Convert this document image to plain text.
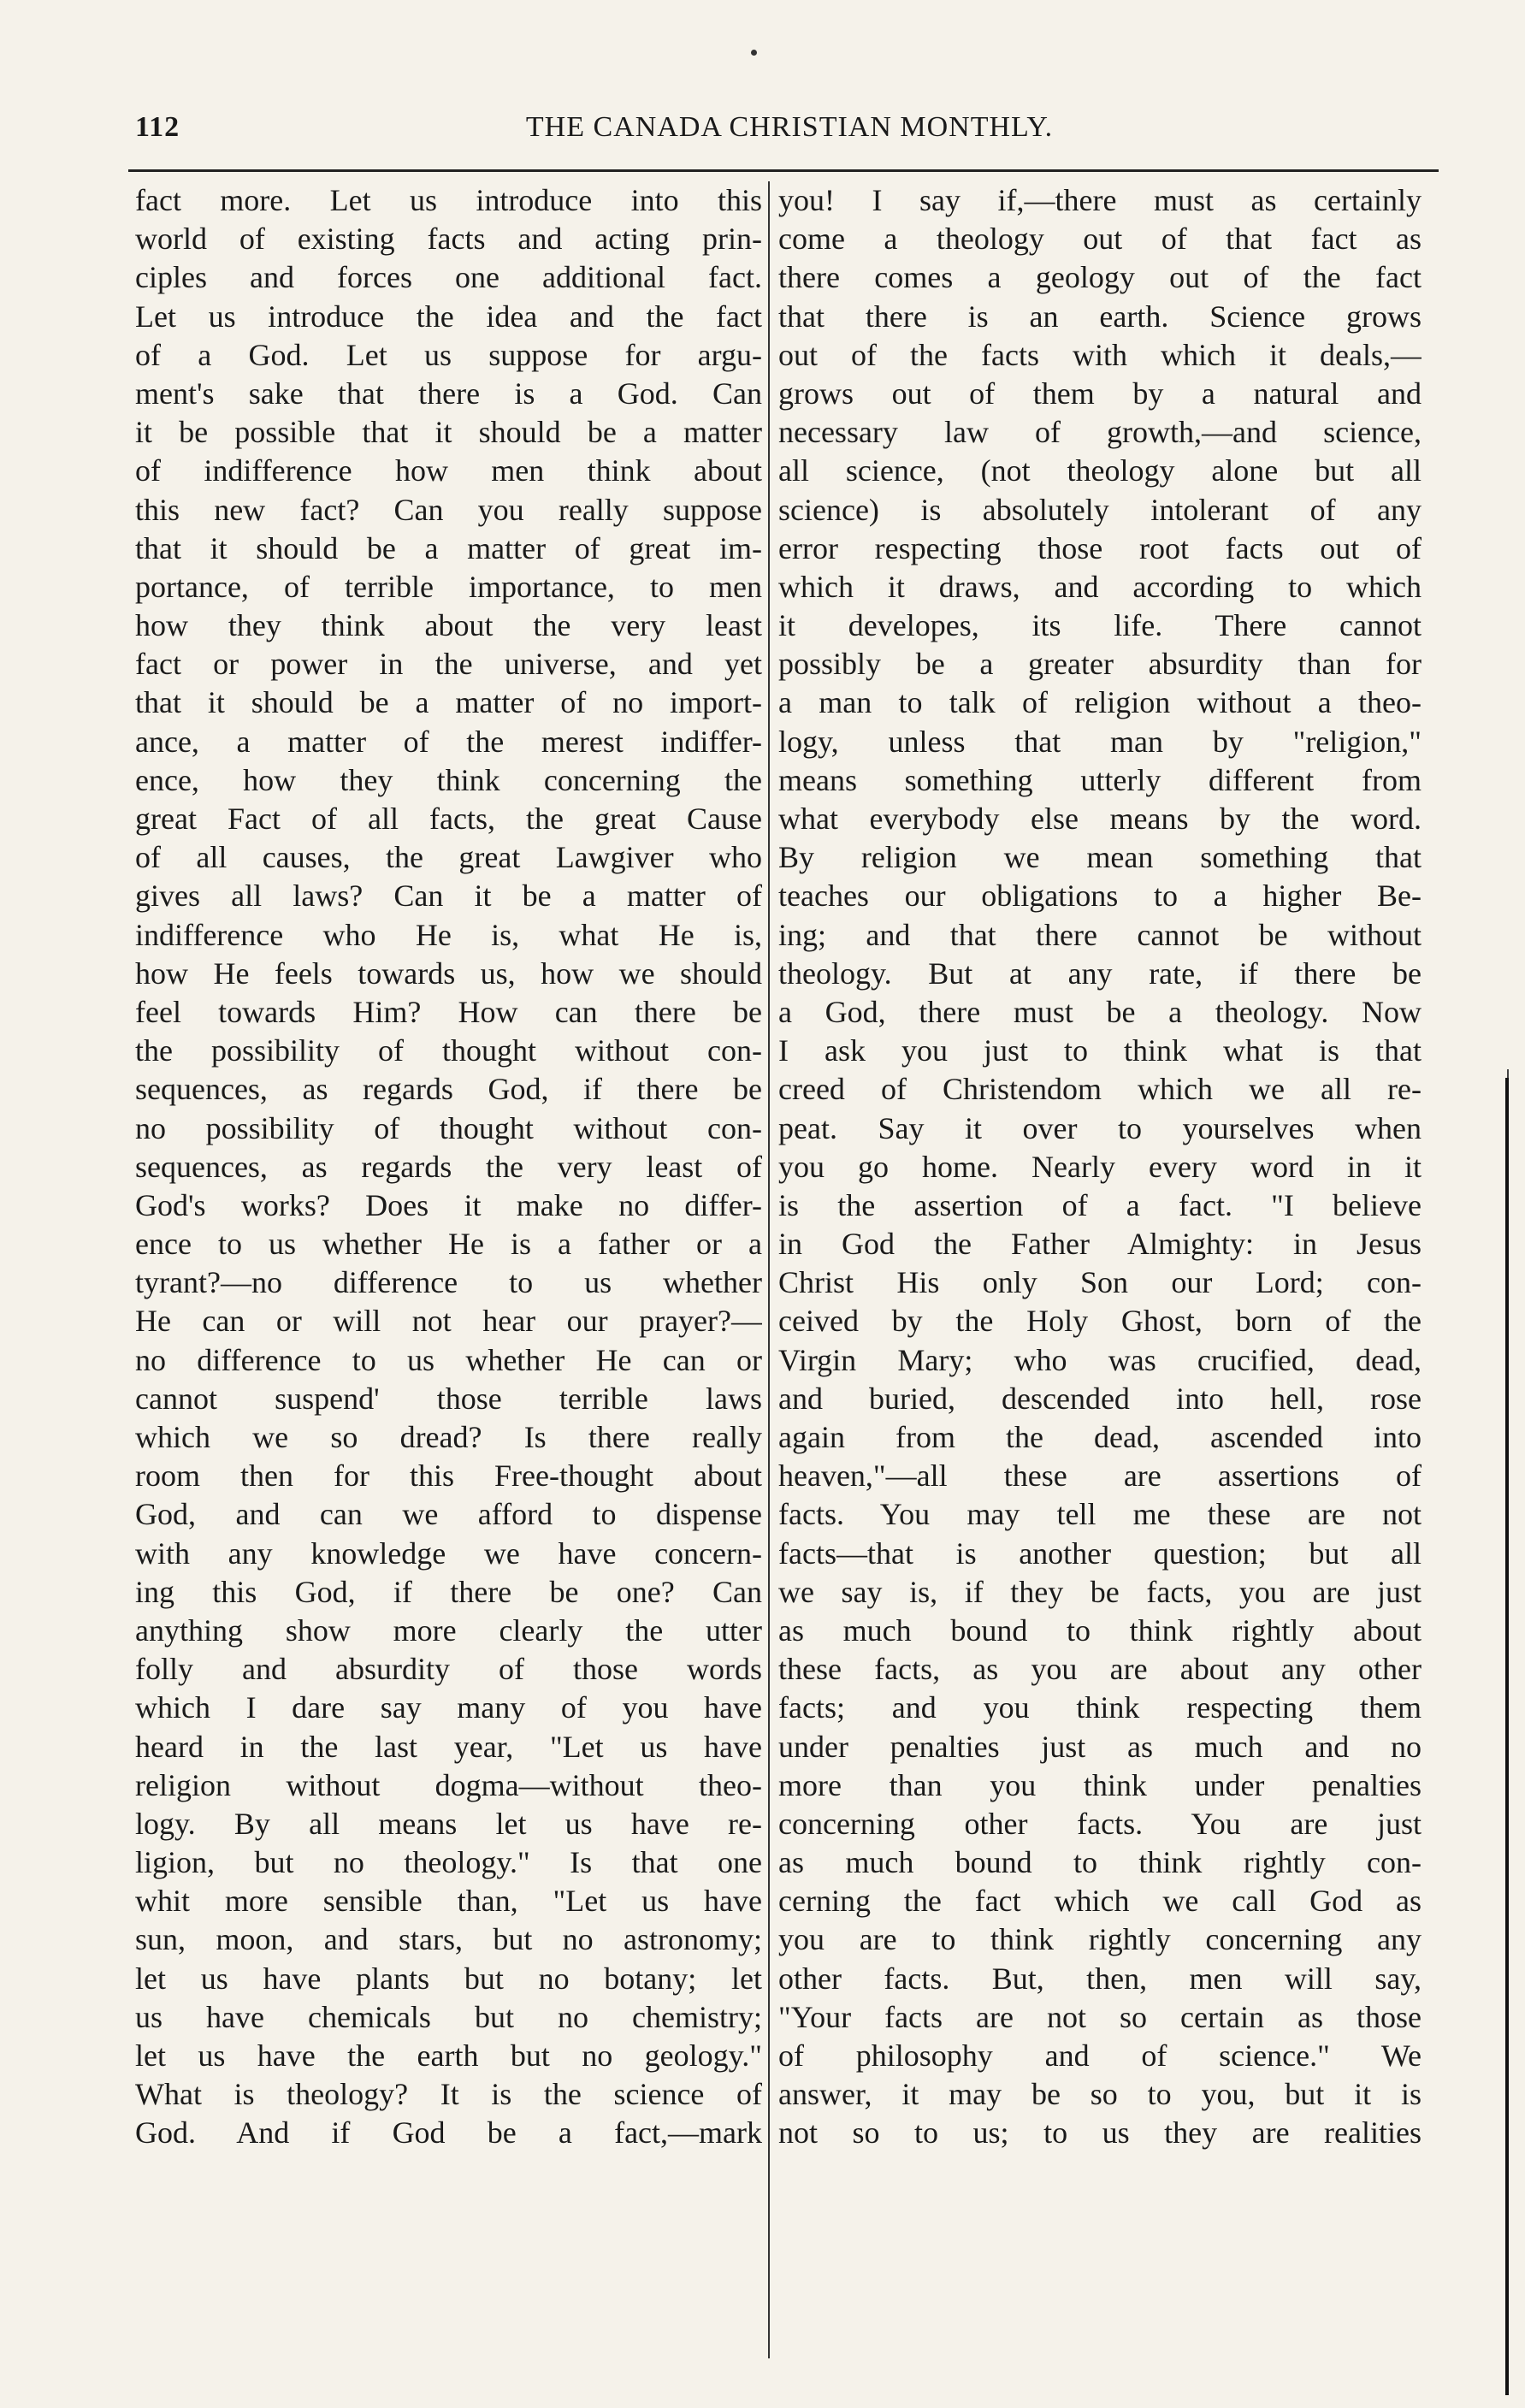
112	THE CANADA CHRISTIAN MONTHLY.
fact more. Let us introduce into this
world of existing facts and acting prin-
ciples and forces one additional fact.
Let us introduce the idea and the fact
of a God. Let us suppose for argu-
ment's sake that there is a God. Can
it be possible that it should be a matter
of indifference how men think about
this new fact? Can you really suppose
that it should be a matter of great im-
portance, of terrible importance, to men
how they think about the very least
fact or power in the universe, and yet
that it should be a matter of no import-
ance, a matter of the merest indiffer-
ence, how they think concerning the
great Fact of all facts, the great Cause
of all causes, the great Lawgiver who
gives all laws? Can it be a matter of
indifference who He is, what He is,
how He feels towards us, how we should
feel towards Him? How can there be
the possibility of thought without con-
sequences, as regards God, if there be
no possibility of thought without con-
sequences, as regards the very least of
God's works? Does it make no differ-
ence to us whether He is a father or a
tyrant?—no difference to us whether
He can or will not hear our prayer?—
no difference to us whether He can or
cannot suspend' those terrible laws
which we so dread? Is there really
room then for this Free-thought about
God, and can we afford to dispense
with any knowledge we have concern-
ing this God, if there be one? Can
anything show more clearly the utter
folly and absurdity of those words
which I dare say many of you have
heard in the last year, "Let us have
religion without dogma—without theo-
logy. By all means let us have re-
ligion, but no theology." Is that one
whit more sensible than, "Let us have
sun, moon, and stars, but no astronomy;
let us have plants but no botany; let
us have chemicals but no chemistry;
let us have the earth but no geology."
What is theology? It is the science of
God. And if God be a fact,—mark
you! I say if,—there must as certainly
come a theology out of that fact as
there comes a geology out of the fact
that there is an earth. Science grows
out of the facts with which it deals,—
grows out of them by a natural and
necessary law of growth,—and science,
all science, (not theology alone but all
science) is absolutely intolerant of any
error respecting those root facts out of
which it draws, and according to which
it developes, its life. There cannot
possibly be a greater absurdity than for
a man to talk of religion without a theo-
logy, unless that man by "religion,"
means something utterly different from
what everybody else means by the word.
By religion we mean something that
teaches our obligations to a higher Be-
ing; and that there cannot be without
theology. But at any rate, if there be
a God, there must be a theology. Now
I ask you just to think what is that
creed of Christendom which we all re-
peat. Say it over to yourselves when
you go home. Nearly every word in it
is the assertion of a fact. "I believe
in God the Father Almighty: in Jesus
Christ His only Son our Lord; con-
ceived by the Holy Ghost, born of the
Virgin Mary; who was crucified, dead,
and buried, descended into hell, rose
again from the dead, ascended into
heaven,"—all these are assertions of
facts. You may tell me these are not
facts—that is another question; but all
we say is, if they be facts, you are just
as much bound to think rightly about
these facts, as you are about any other
facts; and you think respecting them
under penalties just as much and no
more than you think under penalties
concerning other facts. You are just
as much bound to think rightly con-
cerning the fact which we call God as
you are to think rightly concerning any
other facts. But, then, men will say,
"Your facts are not so certain as those
of philosophy and of science." We
answer, it may be so to you, but it is
not so to us; to us they are realities
